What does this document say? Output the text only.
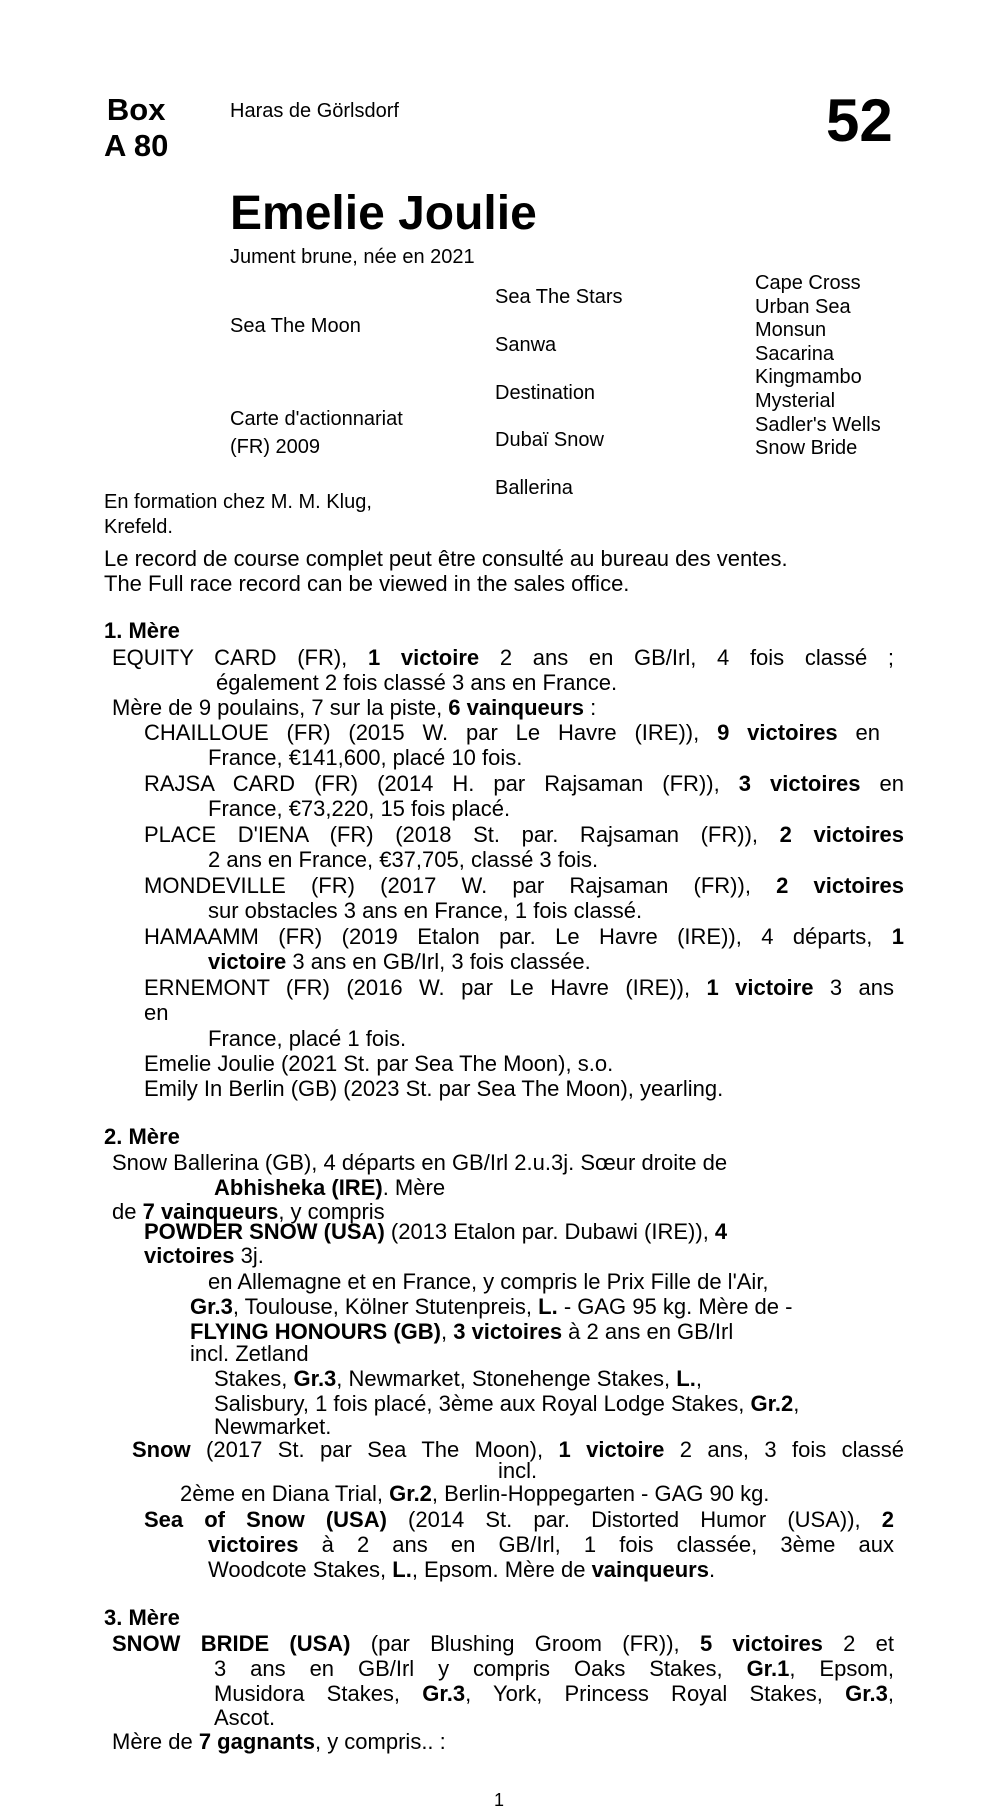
Box
A 80
Haras de Görlsdorf	52
Emelie Joulie
Jument brune, née en 2021
Sea The Moon
Carte d'actionnariat
(FR) 2009
Sea The Stars
Sanwa
Destination
Dubaï Snow
Ballerina
Cape Cross
Urban Sea
Monsun
Sacarina
Kingmambo
Mysterial
Sadler's Wells
Snow Bride
En formation chez M. M. Klug,
Krefeld.
Le record de course complet peut être consulté au bureau des ventes.
The Full race record can be viewed in the sales office.
1. Mère
EQUITY CARD (FR), 1 victoire 2 ans en GB/Irl, 4 fois classé ;
également 2 fois classé 3 ans en France.
Mère de 9 poulains, 7 sur la piste, 6 vainqueurs :
CHAILLOUE (FR) (2015 W. par Le Havre (IRE)), 9 victoires en
France, €141,600, placé 10 fois.
RAJSA CARD (FR) (2014 H. par Rajsaman (FR)), 3 victoires en
France, €73,220, 15 fois placé.
PLACE D'IENA (FR) (2018 St. par. Rajsaman (FR)), 2 victoires
2 ans en France, €37,705, classé 3 fois.
MONDEVILLE (FR) (2017 W. par Rajsaman (FR)), 2 victoires
sur obstacles 3 ans en France, 1 fois classé.
HAMAAMM (FR) (2019 Etalon par. Le Havre (IRE)), 4 départs, 1
victoire 3 ans en GB/Irl, 3 fois classée.
ERNEMONT (FR) (2016 W. par Le Havre (IRE)), 1 victoire 3 ans
en
France, placé 1 fois.
Emelie Joulie (2021 St. par Sea The Moon), s.o.
Emily In Berlin (GB) (2023 St. par Sea The Moon), yearling.
2. Mère
Snow Ballerina (GB), 4 départs en GB/Irl 2.u.3j. Sœur droite de
Abhisheka (IRE). Mère
de 7 vainqueurs, y compris
POWDER SNOW (USA) (2013 Etalon par. Dubawi (IRE)), 4
victoires 3j.
en Allemagne et en France, y compris le Prix Fille de l'Air,
Gr.3, Toulouse, Kölner Stutenpreis, L. - GAG 95 kg. Mère de -
FLYING HONOURS (GB), 3 victoires à 2 ans en GB/Irl
incl. Zetland
Stakes, Gr.3, Newmarket, Stonehenge Stakes, L.,
Salisbury, 1 fois placé, 3ème aux Royal Lodge Stakes, Gr.2,
Newmarket.
Snow (2017 St. par Sea The Moon), 1 victoire 2 ans, 3 fois classé
incl.
2ème en Diana Trial, Gr.2, Berlin-Hoppegarten - GAG 90 kg.
Sea of Snow (USA) (2014 St. par. Distorted Humor (USA)), 2
victoires à 2 ans en GB/Irl, 1 fois classée, 3ème aux
Woodcote Stakes, L., Epsom. Mère de vainqueurs.
3. Mère
SNOW BRIDE (USA) (par Blushing Groom (FR)), 5 victoires 2 et
3 ans en GB/Irl y compris Oaks Stakes, Gr.1, Epsom,
Musidora Stakes, Gr.3, York, Princess Royal Stakes, Gr.3,
Ascot.
Mère de 7 gagnants, y compris.. :
1
